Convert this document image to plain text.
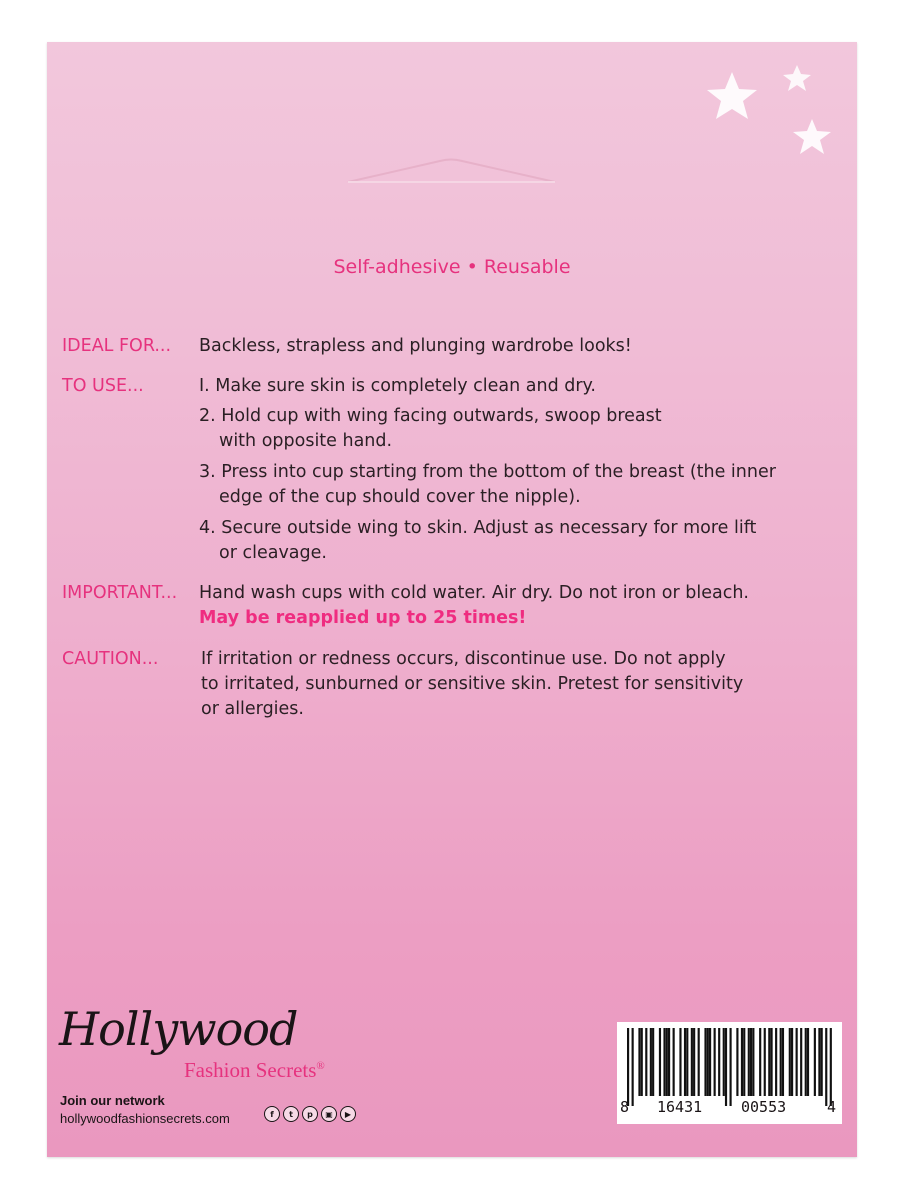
Self-adhesive • Reusable
IDEAL FOR... Backless, strapless and plunging wardrobe looks!
TO USE...	I. Make sure skin is completely clean and dry.
2. Hold cup with wing facing outwards, swoop breast
with opposite hand.
3. Press into cup starting from the bottom of the breast (the inner
edge of the cup should cover the nipple).
4. Secure outside wing to skin. Adjust as necessary for more lift
or cleavage.
IMPORTANT... Hand wash cups with cold water. Air dry. Do not iron or bleach.
May be reapplied up to 25 times!
CAUTION... If irritation or redness occurs, discontinue use. Do not apply
to irritated, sunburned or sensitive skin. Pretest for sensitivity
or allergies.
Hollywood
Fashion Secrets®
Join our network
hollywoodfashionsecrets.com	f	t	p	▣	▶	8 16431	00553	4
